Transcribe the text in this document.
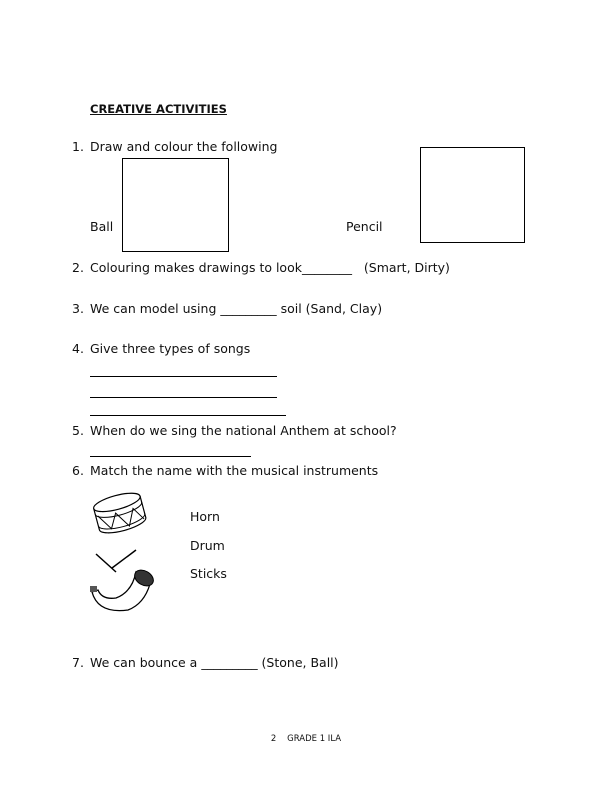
CREATIVE ACTIVITIES
1. Draw and colour the following
Ball	Pencil
2. Colouring makes drawings to look________   (Smart, Dirty)
3. We can model using _________ soil (Sand, Clay)
4. Give three types of songs
5. When do we sing the national Anthem at school?
6. Match the name with the musical instruments
Horn
Drum
Sticks
7. We can bounce a _________ (Stone, Ball)
2    GRADE 1 ILA
